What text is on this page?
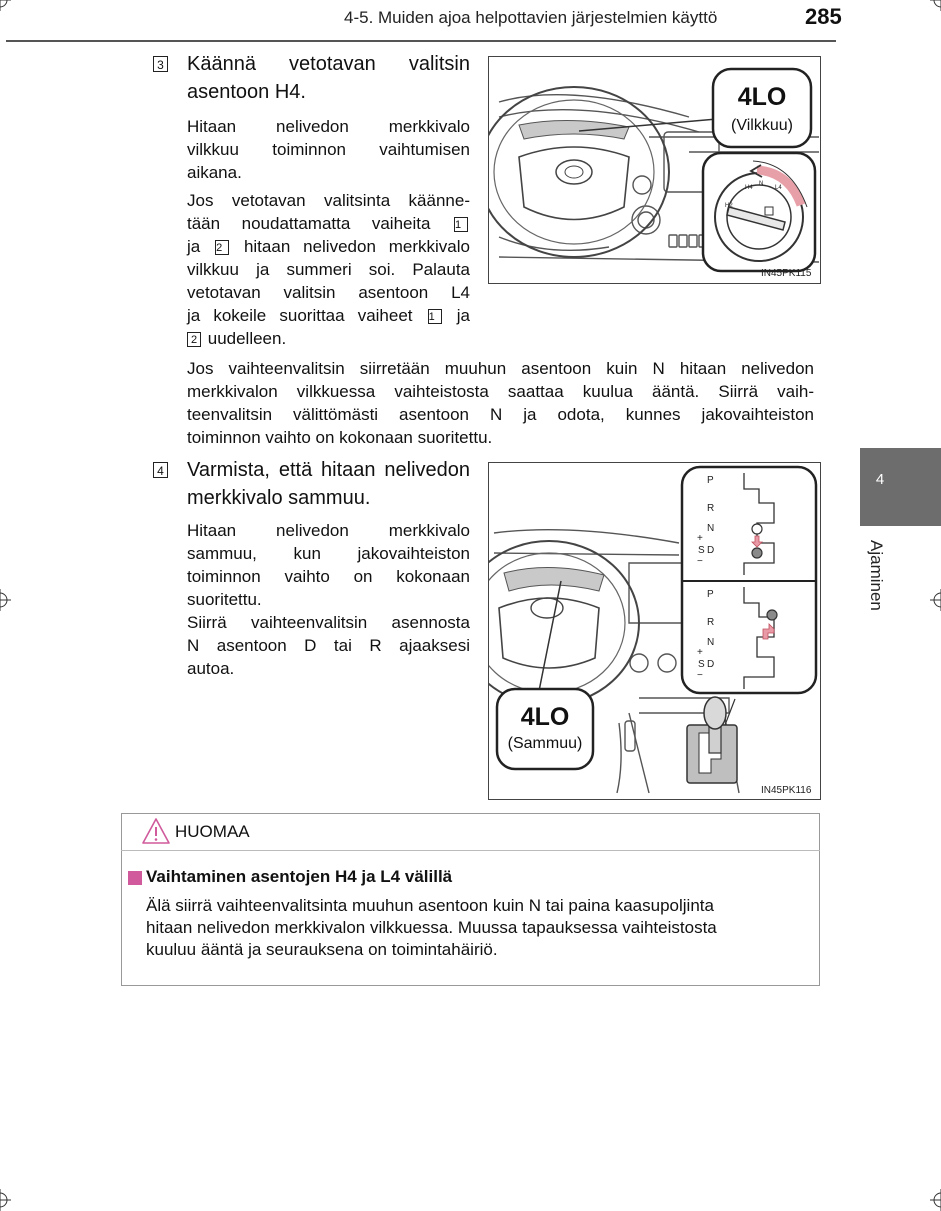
4-5. Muiden ajoa helpottavien järjestelmien käyttö	285
4
Ajaminen
3 Käännä vetotavan valitsin
asentoon H4.
Hitaan nelivedon merkkivalo
vilkkuu toiminnon vaihtumisen
aikana.
Jos vetotavan valitsinta käänne-
tään noudattamatta vaiheita 1
ja 2 hitaan nelivedon merkkivalo
vilkkuu ja summeri soi. Palauta
vetotavan valitsin asentoon L4
ja kokeile suorittaa vaiheet 1 ja
2 uudelleen.
H4
N
L4
H2
4LO
(Vilkkuu)
IN45PK115
Jos vaihteenvalitsin siirretään muuhun asentoon kuin N hitaan nelivedon
merkkivalon vilkkuessa vaihteistosta saattaa kuulua ääntä. Siirrä vaih-
teenvalitsin välittömästi asentoon N ja odota, kunnes jakovaihteiston
toiminnon vaihto on kokonaan suoritettu.
4 Varmista, että hitaan nelivedon
merkkivalo sammuu.
Hitaan nelivedon merkkivalo
sammuu, kun jakovaihteiston
toiminnon vaihto on kokonaan
suoritettu.
Siirrä vaihteenvalitsin asennosta
N asentoon D tai R ajaaksesi
autoa.
P
R
N
+
S D
−
P
R
N
+
S D
−
4LO
(Sammuu)
IN45PK116
HUOMAA
Vaihtaminen asentojen H4 ja L4 välillä
Älä siirrä vaihteenvalitsinta muuhun asentoon kuin N tai paina kaasupoljinta
hitaan nelivedon merkkivalon vilkkuessa. Muussa tapauksessa vaihteistosta
kuuluu ääntä ja seurauksena on toimintahäiriö.
